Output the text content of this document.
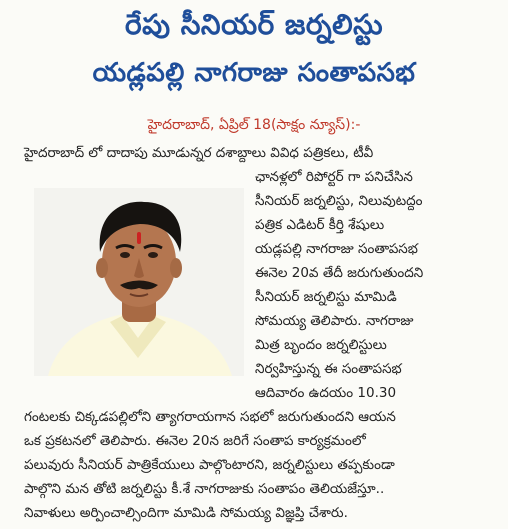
రేపు సీనియర్ జర్నలిస్టు
యడ్లపల్లి నాగరాజు సంతాపసభ
హైదరాబాద్, ఏప్రిల్ 18(సాక్షం న్యూస్):-
హైదరాబాద్ లో దాదాపు మూడున్నర దశాబ్దాలు వివిధ పత్రికలు, టీవీ
ఛానళ్లలో రిపోర్టర్ గా పనిచేసిన
సీనియర్ జర్నలిస్టు, నిలువుటద్దం
పత్రిక ఎడిటర్ కీర్తి శేషులు
యడ్లపల్లి నాగరాజు సంతాపసభ
ఈనెల 20వ తేదీ జరుగుతుందని
సీనియర్ జర్నలిస్టు మామిడి
సోమయ్య తెలిపారు. నాగరాజు
మిత్ర బృందం జర్నలిస్టులు
నిర్వహిస్తున్న ఈ సంతాపసభ
ఆదివారం ఉదయం 10.30
గంటలకు చిక్కడపల్లిలోని త్యాగరాయగాన సభలో జరుగుతుందని ఆయన
ఒక ప్రకటనలో తెలిపారు. ఈనెల 20న జరిగే సంతాప కార్యక్రమంలో
పలువురు సీనియర్ పాత్రికేయులు పాల్గొంటారని, జర్నలిస్టులు తప్పకుండా
పాల్గొని మన తోటి జర్నలిస్టు కీ.శే నాగరాజుకు సంతాపం తెలియజేస్తూ..
నివాళులు అర్పించాల్సిందిగా మామిడి సోమయ్య విజ్ఞప్తి చేశారు.
